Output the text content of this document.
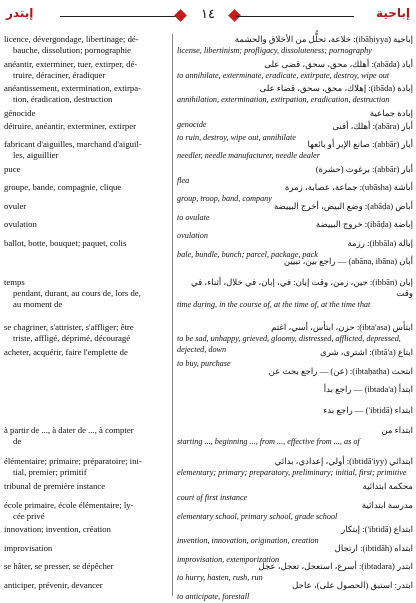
إبتدر	١٤	إباحية
licence, dévergondage, libertinage; dé-
bauche, dissolution; pornographie
anéantir, exterminer, tuer, extirper, dé-
truire, déraciner, éradiquer
anéantissement, extermination, extirpa-
tion, éradication, destruction
génocide
détruire, anéantir, exterminer, extirper
fabricant d'aiguilles, marchand d'aiguil-
les, aiguillier
puce
groupe, bande, compagnie, clique
ovuler
ovulation
ballot, botte, bouquet; paquet, colis
temps
pendant, durant, au cours de, lors de,
au moment de
se chagriner, s'attrister, s'affliger; être
triste, affligé, déprimé, découragé
acheter, acquérir, faire l'emplette de
à partir de ..., à dater de ..., à compter
de
élémentaire; primaire; préparatoire; ini-
tial, premier; primitif
tribunal de première instance
école primaire, école élémentaire; ly-
cée privé
innovation; invention, création
improvisation
se hâter, se presser, se dépêcher
anticiper, prévenir, devancer
إباحية (ibāḥiyya): خلاعة، تحلُّل من الأخلاق والحشمة
license, libertinism; profligacy, dissoluteness; pornography
أباد (abāda): أهلك، محق، سحق، قضى على
to annihilate, exterminate, eradicate, extirpate, destroy, wipe out
إبادة (ibāda): إهلاك، محق، سحق، قضاء على
annihilation, extermination, extirpation, eradication, destruction
إبادة جماعية
genocide	أبار (abāra): أهلك، أفنى
to ruin, destroy, wipe out, annihilate
أبار (abbār): صانع الإبر أو بائعها
needler, needle manufacturer, needle dealer
أبار (abbār): برغوث (حشرة)
flea
أباشة (ubāsha): جماعة، عصابة، زمرة
group, troop, band, company
أباض (abāḍa): وضع البيض، أخرج البييضة
to ovulate
إباضة (ibāḍa): خروج البييضة
ovulation
إبالة (ibbāla): رزمة
bale, bundle, bunch; parcel, package, pack
أبان (abāna, ibāna) — راجع بين، تبيين
إبان (ibbān): حين، زمن، وقت إبان: في، إبان، في خلال، أثناء، في وقت
time during, in the course of, at the time of, at the time that
ابتأس (ibta'asa): حزن، ابتأس، أسي، اغتم
to be sad, unhappy, grieved, gloomy, distressed, afflicted, depressed, dejected, down	ابتاع (ibtā'a): اشترى، شرى
to buy, purchase
ابتحث (ibtaḥatha): (عن) — راجع بحث عن
ابتدأ (ibtada'a) — راجع بدأ
ابتداء (ibtidā') — راجع بدء
ابتداء من
starting ..., beginning ..., from ..., effective from ..., as of
ابتدائي (ibtidā'iyy): أولي، إعدادي، بدائي
elementary; primary; preparatory, preliminary; initial, first; primitive
محكمة ابتدائية
court of first instance
مدرسة ابتدائية
elementary school, primary school, grade school
ابتداع (ibtidā'): إبتكار
invention, innovation, origination, creation
ابتداه (ibtidāh): ارتجال
improvisation, extemporization
ابتدر (ibtadara): أسرع، استعجل، تعجل، عجل
to hurry, hasten, rush, run
ابتدر: استبق (الحصول على)، عاجل
to anticipate, forestall
